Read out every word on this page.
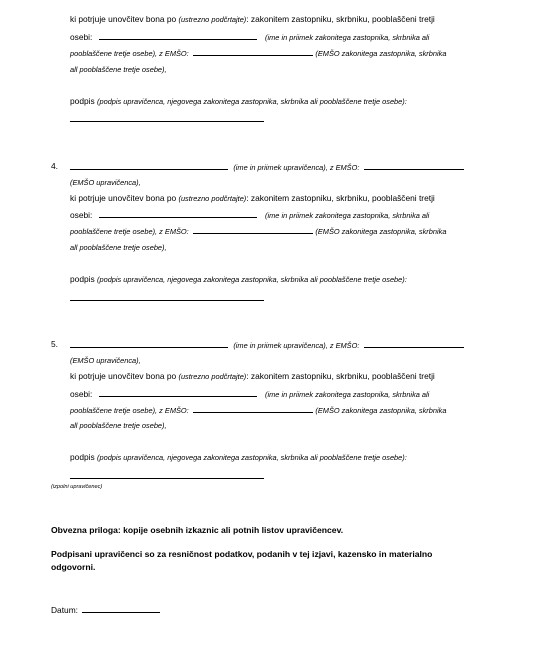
ki potrjuje unovčitev bona po (ustrezno podčrtajte): zakonitem zastopniku, skrbniku, pooblaščeni tretji
osebi:	(ime in priimek zakonitega zastopnika, skrbnika ali
pooblaščene tretje osebe), z EMŠO:	(EMŠO zakonitega zastopnika, skrbnika
all pooblaščene tretje osebe),
podpis (podpis upravičenca, njegovega zakonitega zastopnika, skrbnika ali pooblaščene tretje osebe):
4.	(ime in priimek upravičenca), z EMŠO:
(EMŠO upravičenca),
ki potrjuje unovčitev bona po (ustrezno podčrtajte): zakonitem zastopniku, skrbniku, pooblaščeni tretji
osebi:	(ime in priimek zakonitega zastopnika, skrbnika ali
pooblaščene tretje osebe), z EMŠO:	(EMŠO zakonitega zastopnika, skrbnika
all pooblaščene tretje osebe),
podpis (podpis upravičenca, njegovega zakonitega zastopnika, skrbnika ali pooblaščene tretje osebe):
5.	(ime in priimek upravičenca), z EMŠO:
(EMŠO upravičenca),
ki potrjuje unovčitev bona po (ustrezno podčrtajte): zakonitem zastopniku, skrbniku, pooblaščeni tretji
osebi:	(ime in priimek zakonitega zastopnika, skrbnika ali
pooblaščene tretje osebe), z EMŠO:	(EMŠO zakonitega zastopnika, skrbnika
all pooblaščene tretje osebe),
podpis (podpis upravičenca, njegovega zakonitega zastopnika, skrbnika ali pooblaščene tretje osebe):
(izpolni upravičenec)
Obvezna priloga: kopije osebnih izkaznic ali potnih listov upravičencev.
Podpisani upravičenci so za resničnost podatkov, podanih v tej izjavi, kazensko in materialno
odgovorni.
Datum:
